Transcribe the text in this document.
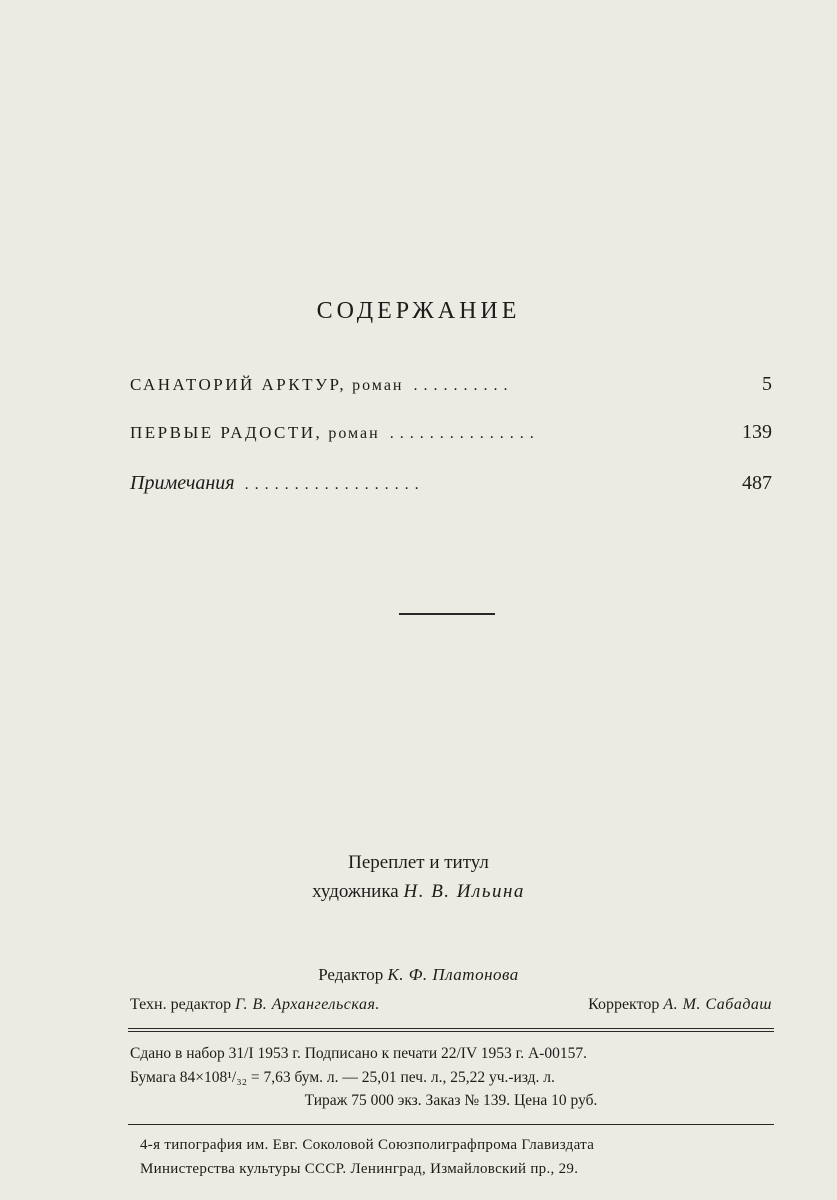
СОДЕРЖАНИЕ
САНАТОРИЙ АРКТУР, роман ..........	5
ПЕРВЫЕ РАДОСТИ, роман ...............	139
Примечания ..................	487
Переплет и титул
художника Н. В. Ильина
Редактор К. Ф. Платонова
Техн. редактор Г. В. Архангельская.	Корректор А. М. Сабадаш
Сдано в набор 31/I 1953 г. Подписано к печати 22/IV 1953 г. А-00157.
Бумага 84×108¹/₃₂ = 7,63 бум. л. — 25,01 печ. л., 25,22 уч.-изд. л.
Тираж 75 000 экз. Заказ № 139. Цена 10 руб.
4-я типография им. Евг. Соколовой Союзполиграфпрома Главиздата
Министерства культуры СССР. Ленинград, Измайловский пр., 29.
